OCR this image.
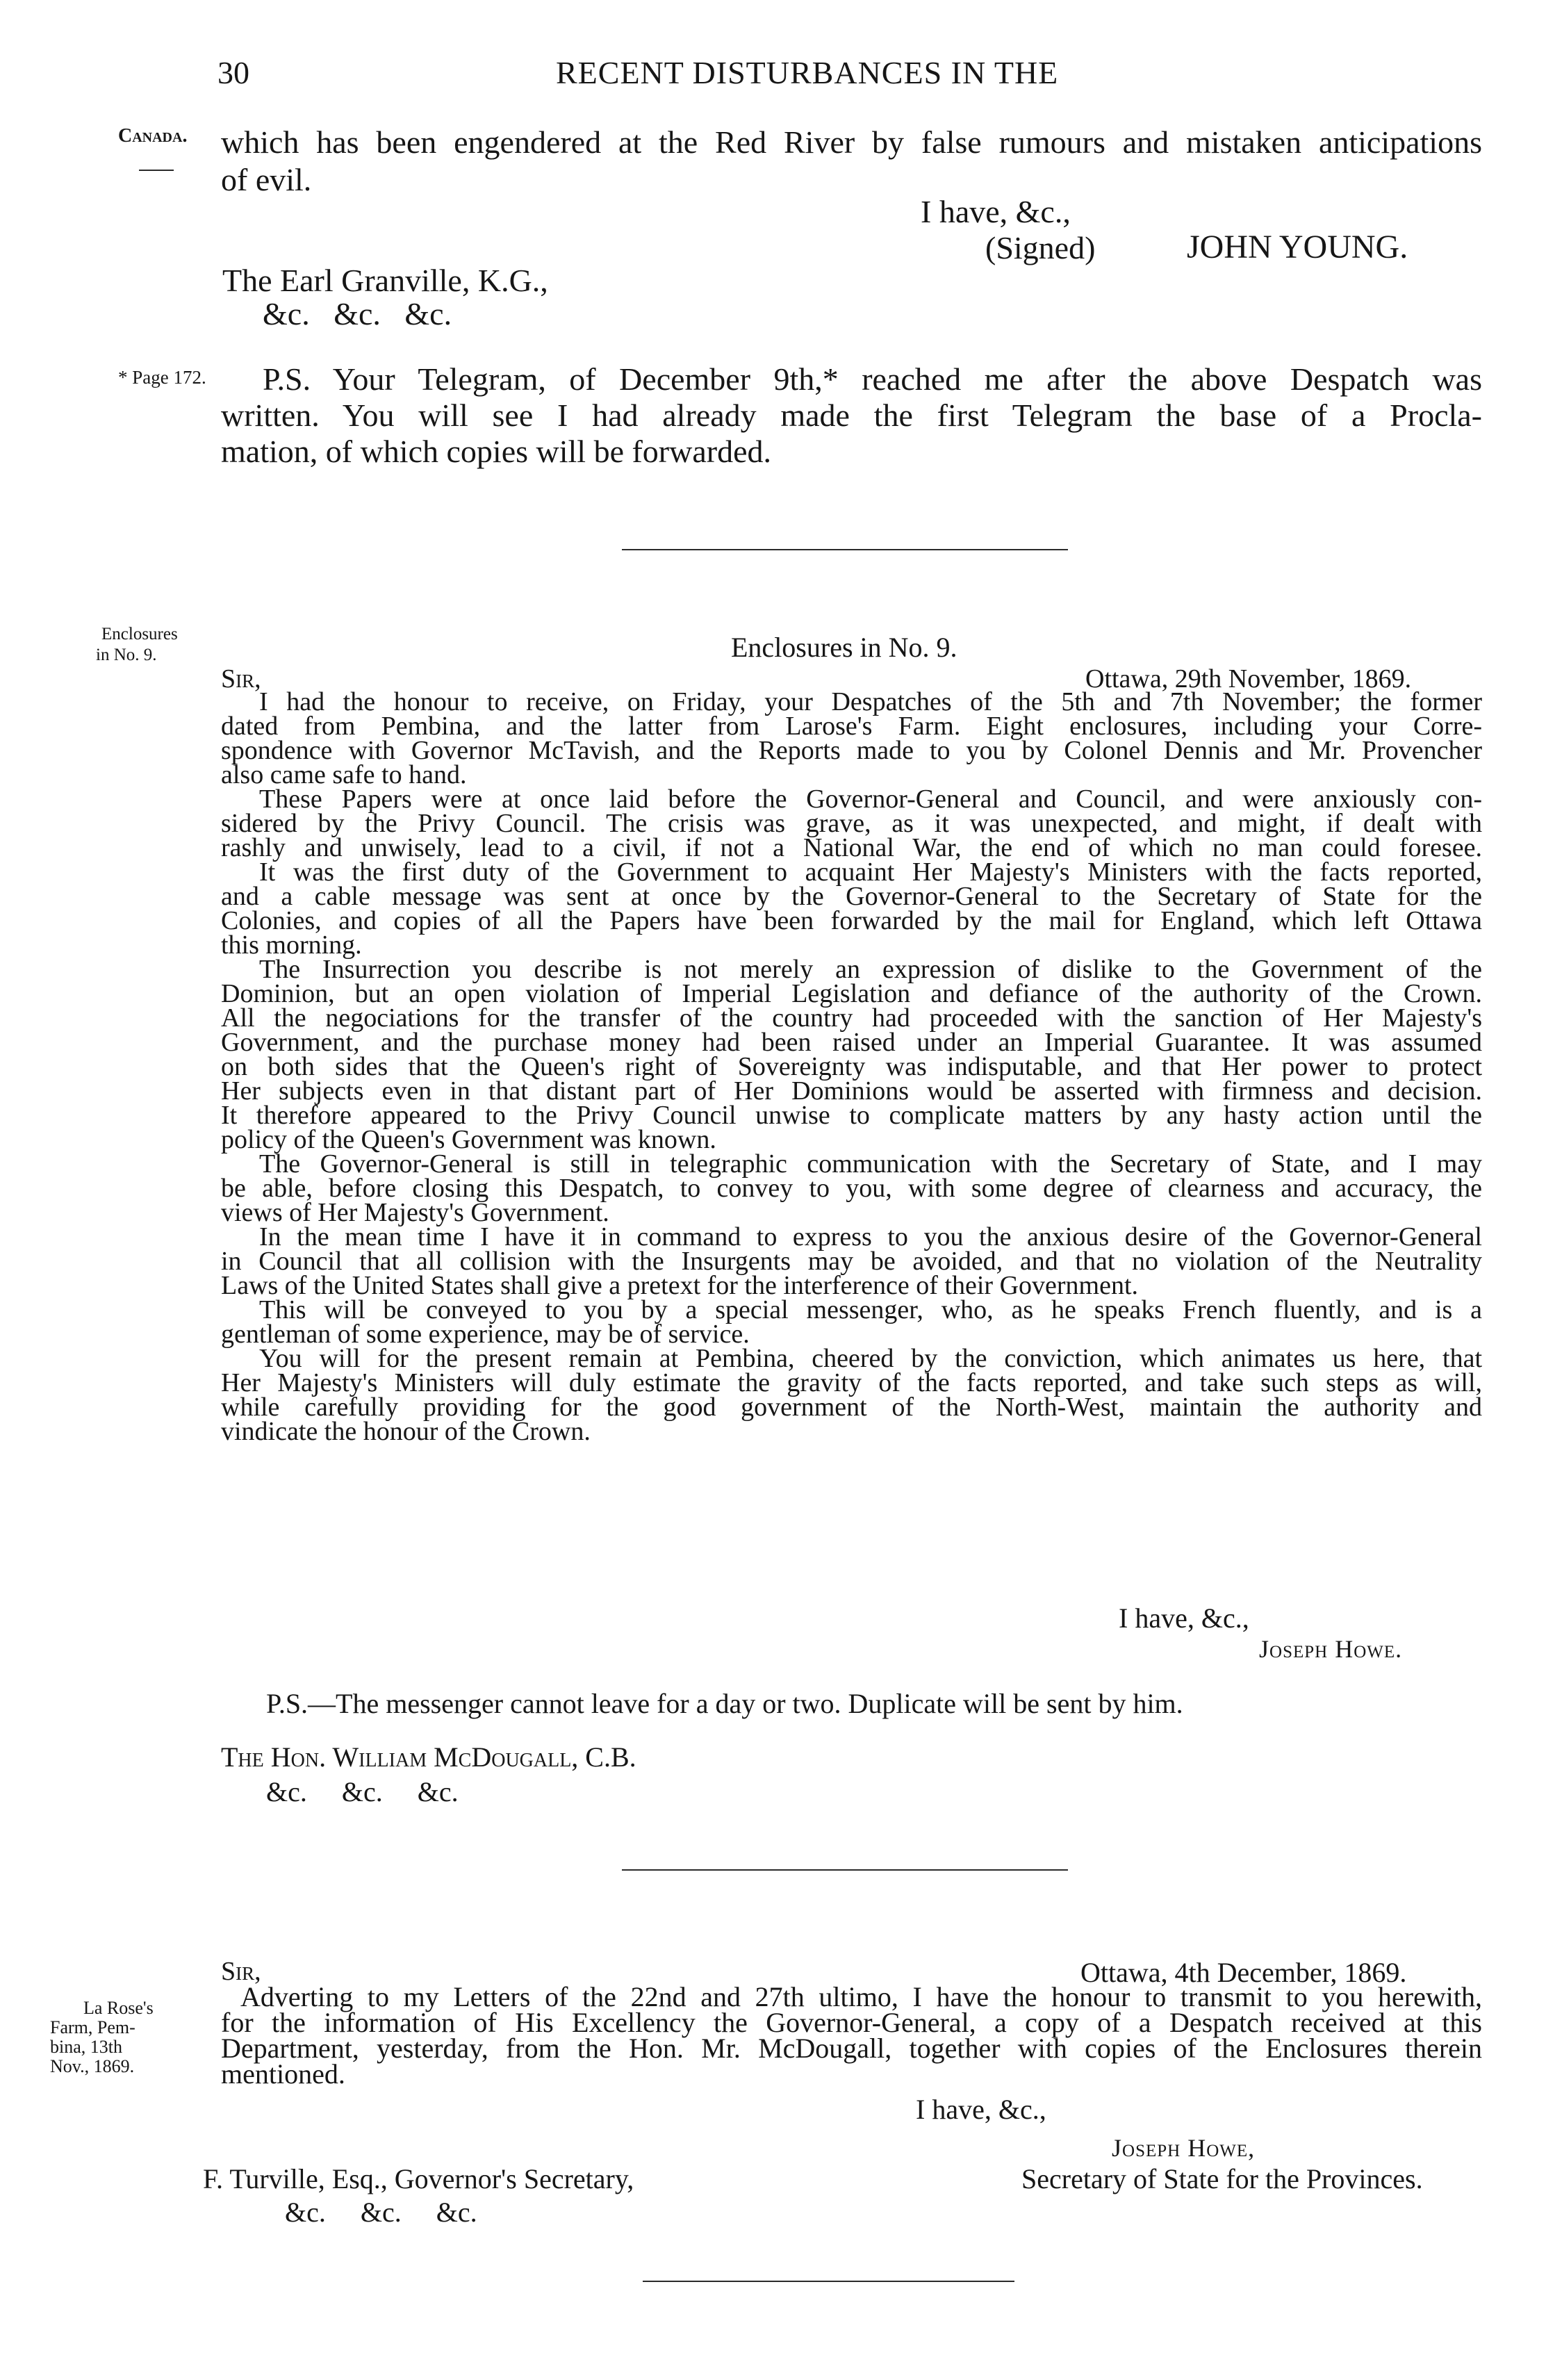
30	RECENT DISTURBANCES IN THE
Canada.
* Page 172.
Enclosures
in No. 9.
La Rose's
Farm, Pem-
bina, 13th
Nov., 1869.
which has been engendered at the Red River by false rumours and mistaken anticipations
of evil.
I have, &c.,
(Signed)	JOHN YOUNG.
The Earl Granville, K.G.,
&c.   &c.   &c.
P.S. Your Telegram, of December 9th,* reached me after the above Despatch was
written. You will see I had already made the first Telegram the base of a Procla-
mation, of which copies will be forwarded.
Enclosures in No. 9.
Sir,	Ottawa, 29th November, 1869.

I had the honour to receive, on Friday, your Despatches of the 5th and 7th November; the former
dated from Pembina, and the latter from Larose's Farm. Eight enclosures, including your Corre-
spondence with Governor McTavish, and the Reports made to you by Colonel Dennis and Mr. Provencher
also came safe to hand.

These Papers were at once laid before the Governor-General and Council, and were anxiously con-
sidered by the Privy Council. The crisis was grave, as it was unexpected, and might, if dealt with
rashly and unwisely, lead to a civil, if not a National War, the end of which no man could foresee.

It was the first duty of the Government to acquaint Her Majesty's Ministers with the facts reported,
and a cable message was sent at once by the Governor-General to the Secretary of State for the
Colonies, and copies of all the Papers have been forwarded by the mail for England, which left Ottawa
this morning.

The Insurrection you describe is not merely an expression of dislike to the Government of the
Dominion, but an open violation of Imperial Legislation and defiance of the authority of the Crown.
All the negociations for the transfer of the country had proceeded with the sanction of Her Majesty's
Government, and the purchase money had been raised under an Imperial Guarantee. It was assumed
on both sides that the Queen's right of Sovereignty was indisputable, and that Her power to protect
Her subjects even in that distant part of Her Dominions would be asserted with firmness and decision.
It therefore appeared to the Privy Council unwise to complicate matters by any hasty action until the
policy of the Queen's Government was known.

The Governor-General is still in telegraphic communication with the Secretary of State, and I may
be able, before closing this Despatch, to convey to you, with some degree of clearness and accuracy, the
views of Her Majesty's Government.

In the mean time I have it in command to express to you the anxious desire of the Governor-General
in Council that all collision with the Insurgents may be avoided, and that no violation of the Neutrality
Laws of the United States shall give a pretext for the interference of their Government.

This will be conveyed to you by a special messenger, who, as he speaks French fluently, and is a
gentleman of some experience, may be of service.

You will for the present remain at Pembina, cheered by the conviction, which animates us here, that
Her Majesty's Ministers will duly estimate the gravity of the facts reported, and take such steps as will,
while carefully providing for the good government of the North-West, maintain the authority and
vindicate the honour of the Crown.

I have, &c.,
Joseph Howe.
P.S.—The messenger cannot leave for a day or two. Duplicate will be sent by him.
The Hon. William McDougall, C.B.
&c.     &c.     &c.
Sir,	Ottawa, 4th December, 1869.
Adverting to my Letters of the 22nd and 27th ultimo, I have the honour to transmit to you herewith,
for the information of His Excellency the Governor-General, a copy of a Despatch received at this
Department, yesterday, from the Hon. Mr. McDougall, together with copies of the Enclosures therein
mentioned.
I have, &c.,
Joseph Howe,
F. Turville, Esq., Governor's Secretary,	Secretary of State for the Provinces.
&c.     &c.     &c.
